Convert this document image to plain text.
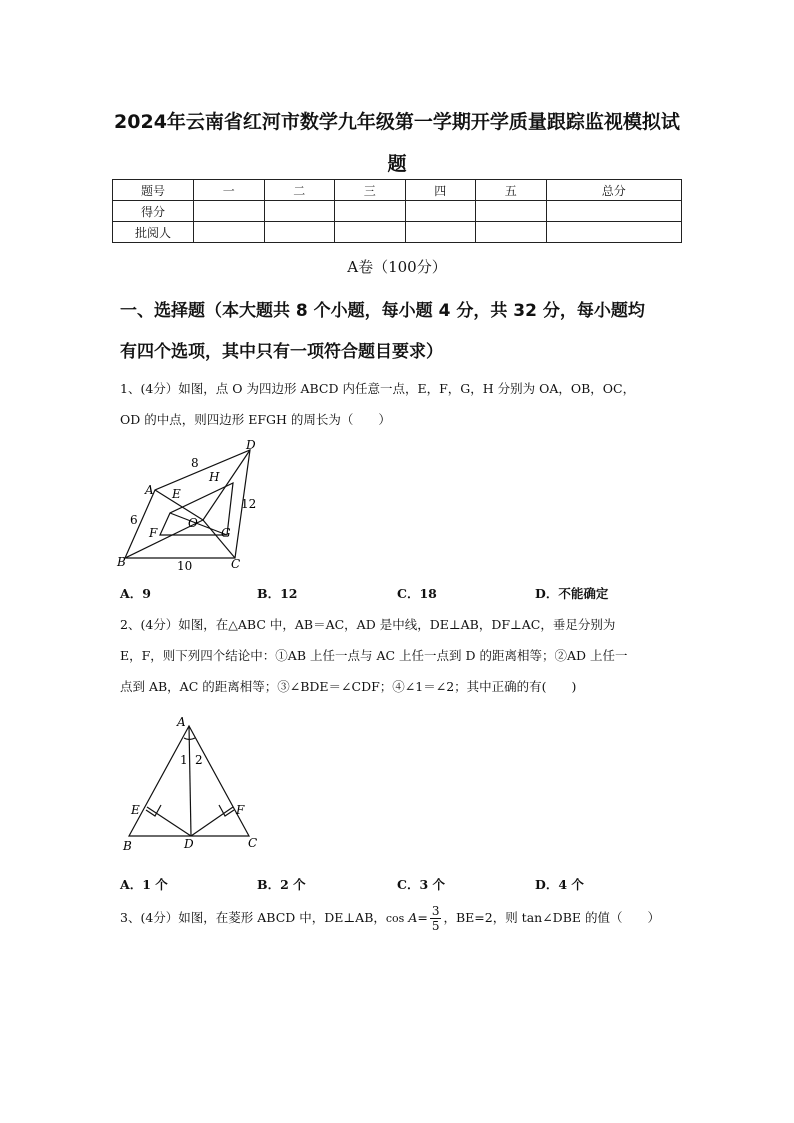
2024年云南省红河市数学九年级第一学期开学质量跟踪监视模拟试
题
题号	一	二	三	四	五	总分
得分						
批阅人						
A卷（100分）
一、选择题（本大题共 8 个小题，每小题 4 分，共 32 分，每小题均
有四个选项，其中只有一项符合题目要求）
1、(4分）如图，点 O 为四边形 ABCD 内任意一点，E，F，G，H 分别为 OA，OB，OC，
OD 的中点，则四边形 EFGH 的周长为（　　）
A
B	C
D
E
F	G
H
O
8
6
10
12
A．9	B．12	C．18	D．不能确定
2、(4分）如图，在△ABC 中，AB＝AC，AD 是中线，DE⊥AB，DF⊥AC，垂足分别为
E，F，则下列四个结论中：①AB 上任一点与 AC 上任一点到 D 的距离相等；②AD 上任一
点到 AB，AC 的距离相等；③∠BDE＝∠CDF；④∠1＝∠2；其中正确的有(　　)
A
B	C
D
E	F
1 2
A．1 个	B．2 个	C．3 个	D．4 个
3、(4分）如图，在菱形 ABCD 中，DE⊥AB，$\cos A= \frac{3}{5}$ ，BE=2，则 tan∠DBE 的值（　　）
